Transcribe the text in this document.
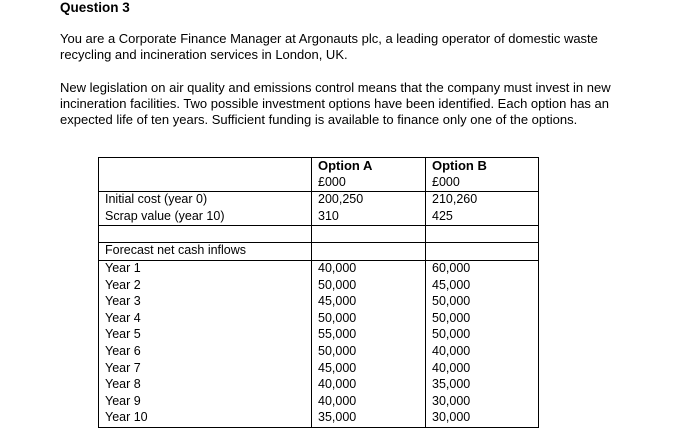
Question 3
You are a Corporate Finance Manager at Argonauts plc, a leading operator of domestic waste recycling and incineration services in London, UK.
New legislation on air quality and emissions control means that the company must invest in new incineration facilities. Two possible investment options have been identified. Each option has an expected life of ten years. Sufficient funding is available to finance only one of the options.
	Option A	Option B
	£000	£000
Initial cost (year 0)	200,250	210,260
Scrap value (year 10)	310	425

Forecast net cash inflows		
Year 1	40,000	60,000
Year 2	50,000	45,000
Year 3	45,000	50,000
Year 4	50,000	50,000
Year 5	55,000	50,000
Year 6	50,000	40,000
Year 7	45,000	40,000
Year 8	40,000	35,000
Year 9	40,000	30,000
Year 10	35,000	30,000
